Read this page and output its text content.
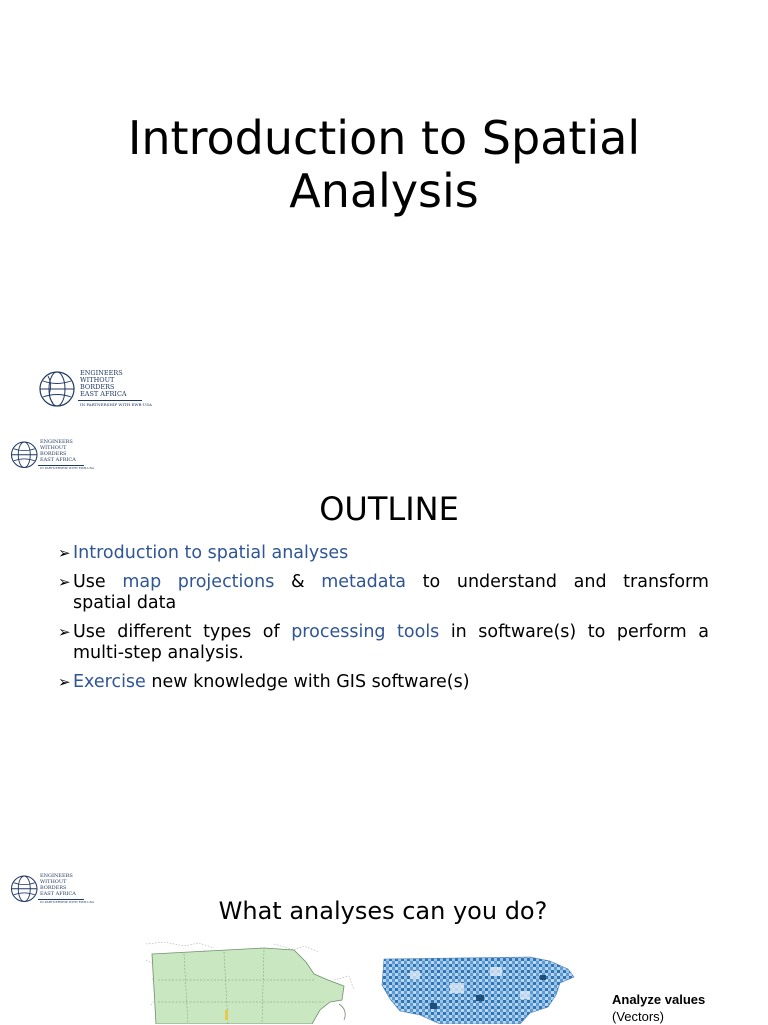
Introduction to Spatial
Analysis
ENGINEERS
WITHOUT
BORDERS
EAST AFRICA
IN PARTNERSHIP WITH EWB-USA
ENGINEERS
WITHOUT
BORDERS
EAST AFRICA
IN PARTNERSHIP WITH EWB-USA
OUTLINE
➢ Introduction to spatial analyses
➢ Use map projections & metadata to understand and transform
spatial data
➢ Use different types of processing tools in software(s) to perform a
multi-step analysis.
➢ Exercise new knowledge with GIS software(s)
ENGINEERS
WITHOUT
BORDERS
EAST AFRICA
IN PARTNERSHIP WITH EWB-USA	What analyses can you do?
Analyze values
(Vectors)
